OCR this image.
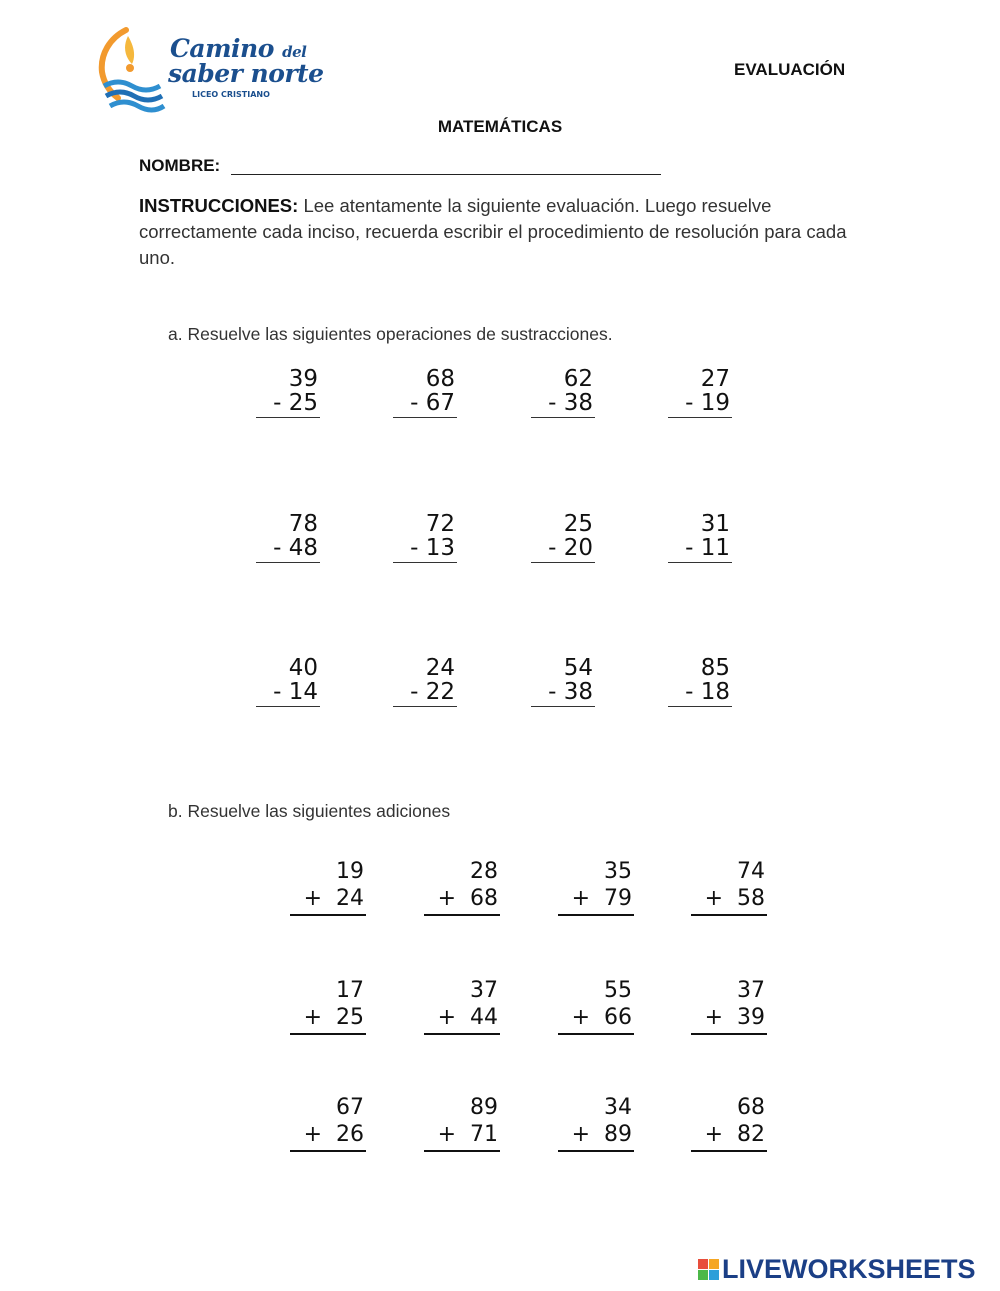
Camino del
saber norte
LICEO CRISTIANO
EVALUACIÓN
MATEMÁTICAS
NOMBRE:
INSTRUCCIONES: Lee atentamente la siguiente evaluación. Luego resuelve correctamente cada inciso, recuerda escribir el procedimiento de resolución para cada uno.
a. Resuelve las siguientes operaciones de sustracciones.
39
- 25
68
- 67
62
- 38
27
- 19
78
- 48
72
- 13
25
- 20
31
- 11
40
- 14
24
- 22
54
- 38
85
- 18
b. Resuelve las siguientes adiciones
19
+  24
28
+  68
35
+  79
74
+  58
17
+  25
37
+  44
55
+  66
37
+  39
67
+  26
89
+  71
34
+  89
68
+  82
LIVEWORKSHEETS
